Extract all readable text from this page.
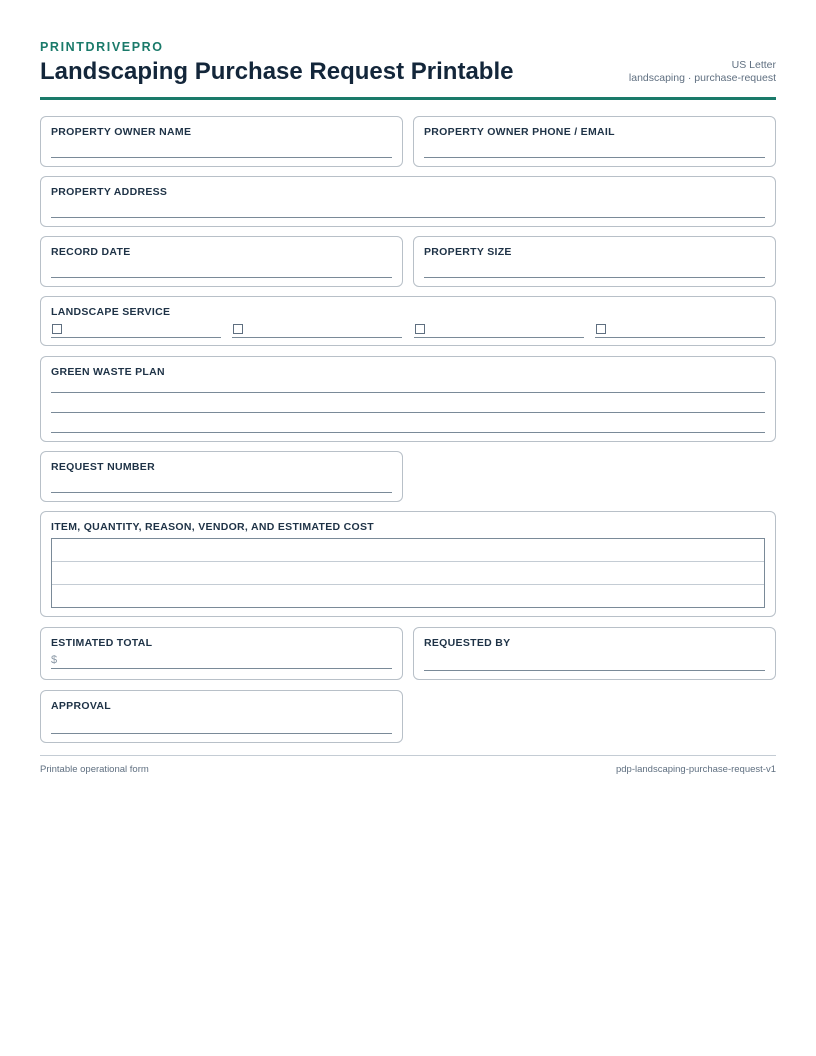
PRINTDRIVEPRO
Landscaping Purchase Request Printable	US Letter
landscaping · purchase-request
PROPERTY OWNER NAME	PROPERTY OWNER PHONE / EMAIL
PROPERTY ADDRESS
RECORD DATE	PROPERTY SIZE
LANDSCAPE SERVICE
GREEN WASTE PLAN
REQUEST NUMBER
ITEM, QUANTITY, REASON, VENDOR, AND ESTIMATED COST
ESTIMATED TOTAL
$
REQUESTED BY
APPROVAL
Printable operational form	pdp-landscaping-purchase-request-v1
